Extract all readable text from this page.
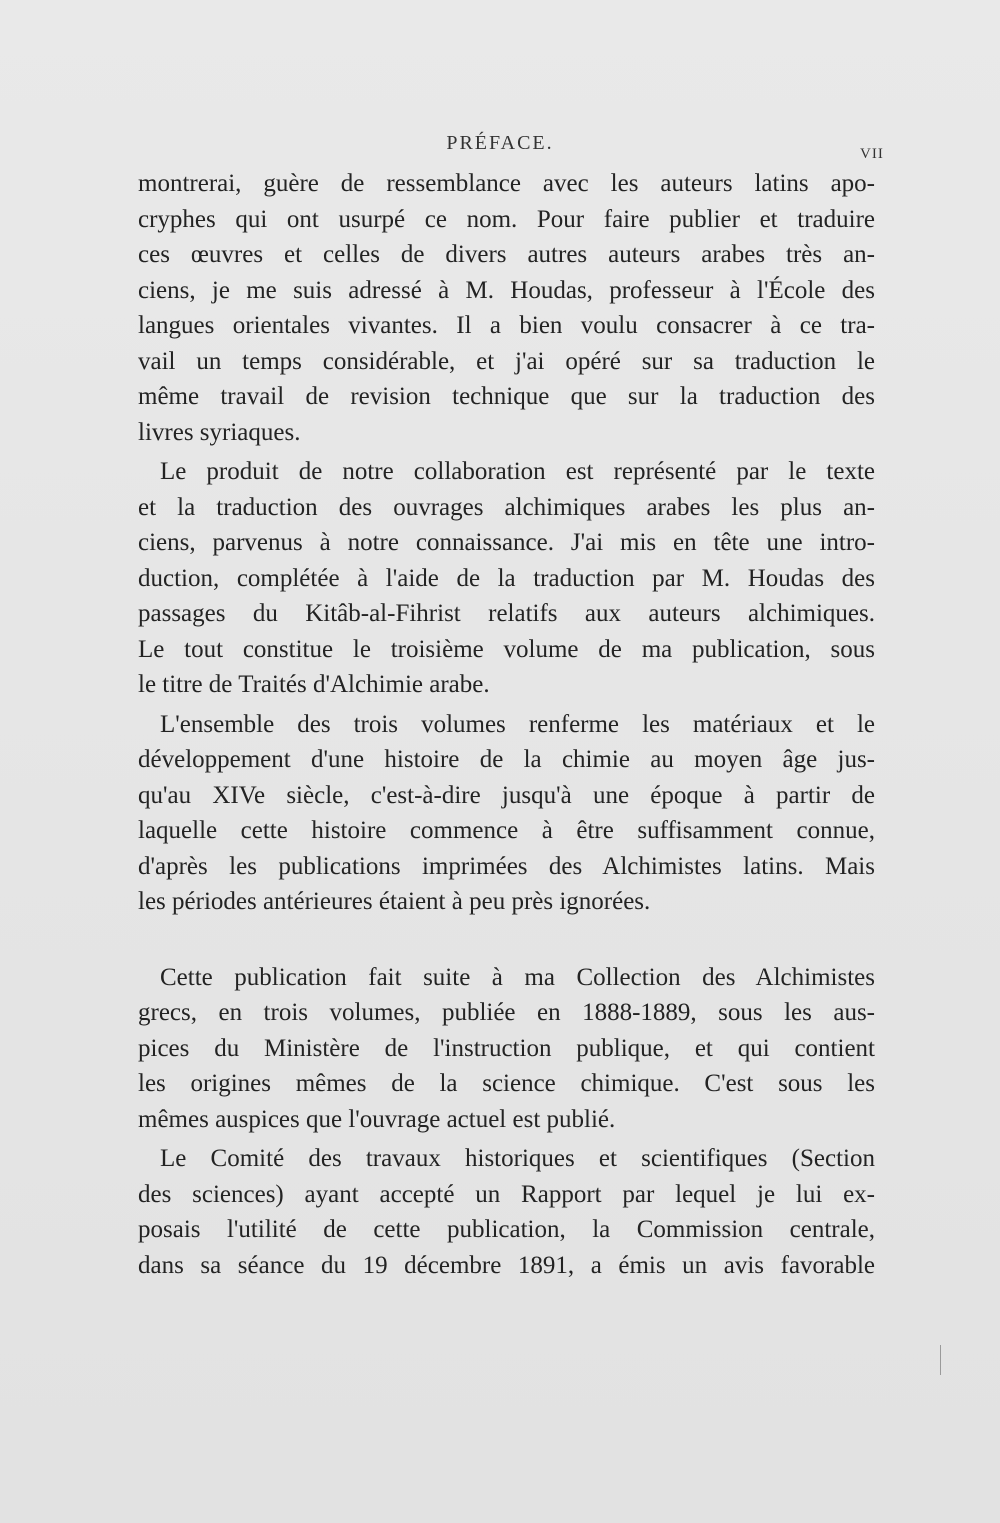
PRÉFACE.	VII
montrerai, guère de ressemblance avec les auteurs latins apo-
cryphes qui ont usurpé ce nom. Pour faire publier et traduire
ces œuvres et celles de divers autres auteurs arabes très an-
ciens, je me suis adressé à M. Houdas, professeur à l'École des
langues orientales vivantes. Il a bien voulu consacrer à ce tra-
vail un temps considérable, et j'ai opéré sur sa traduction le
même travail de revision technique que sur la traduction des
livres syriaques.
Le produit de notre collaboration est représenté par le texte
et la traduction des ouvrages alchimiques arabes les plus an-
ciens, parvenus à notre connaissance. J'ai mis en tête une intro-
duction, complétée à l'aide de la traduction par M. Houdas des
passages du Kitâb-al-Fihrist relatifs aux auteurs alchimiques.
Le tout constitue le troisième volume de ma publication, sous
le titre de Traités d'Alchimie arabe.
L'ensemble des trois volumes renferme les matériaux et le
développement d'une histoire de la chimie au moyen âge jus-
qu'au XIVe siècle, c'est-à-dire jusqu'à une époque à partir de
laquelle cette histoire commence à être suffisamment connue,
d'après les publications imprimées des Alchimistes latins. Mais
les périodes antérieures étaient à peu près ignorées.
Cette publication fait suite à ma Collection des Alchimistes
grecs, en trois volumes, publiée en 1888-1889, sous les aus-
pices du Ministère de l'instruction publique, et qui contient
les origines mêmes de la science chimique. C'est sous les
mêmes auspices que l'ouvrage actuel est publié.
Le Comité des travaux historiques et scientifiques (Section
des sciences) ayant accepté un Rapport par lequel je lui ex-
posais l'utilité de cette publication, la Commission centrale,
dans sa séance du 19 décembre 1891, a émis un avis favorable
